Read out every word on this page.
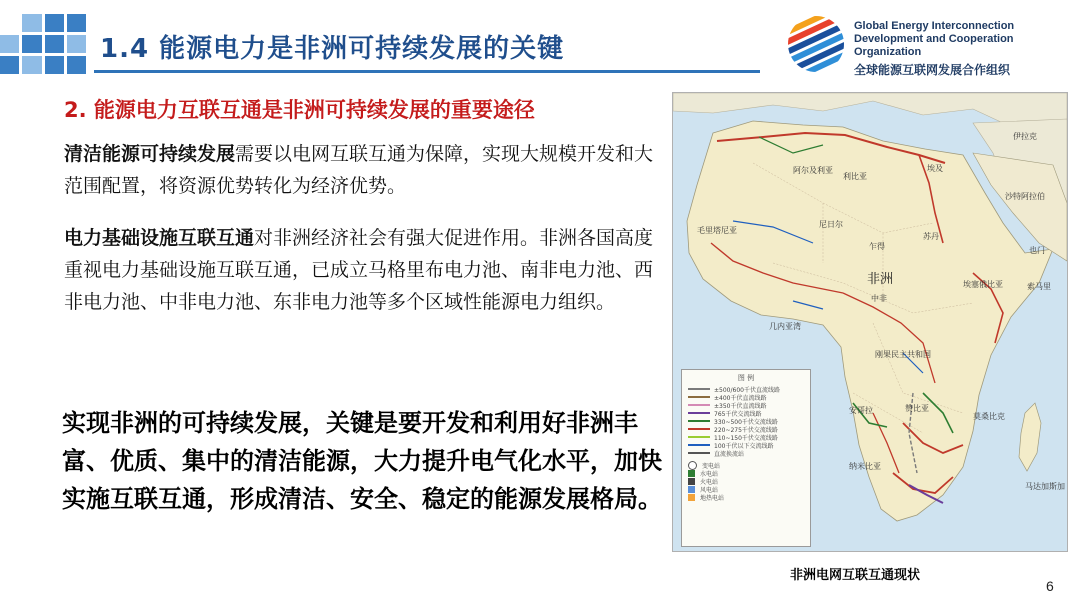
1.4 能源电力是非洲可持续发展的关键
Global Energy Interconnection
Development and Cooperation Organization
全球能源互联网发展合作组织
2. 能源电力互联互通是非洲可持续发展的重要途径
清洁能源可持续发展需要以电网互联互通为保障，实现大规模开发和大范围配置，将资源优势转化为经济优势。
电力基础设施互联互通对非洲经济社会有强大促进作用。非洲各国高度重视电力基础设施互联互通，已成立马格里布电力池、南非电力池、西非电力池、中非电力池、东非电力池等多个区域性能源电力组织。
实现非洲的可持续发展，关键是要开发和利用好非洲丰富、优质、集中的清洁能源，大力提升电气化水平，加快实施互联互通，形成清洁、安全、稳定的能源发展格局。
阿尔及利亚
利比亚
埃及
伊拉克
沙特阿拉伯
毛里塔尼亚
尼日尔
乍得
苏丹
非洲
中非
几内亚湾
埃塞俄比亚	索马里
刚果民主共和国
安哥拉	赞比亚
莫桑比克
纳米比亚
马达加斯加
也门
图 例
±500/600千伏直流线路
±400千伏直流线路
±350千伏直流线路
765千伏交流线路
330~500千伏交流线路
220~275千伏交流线路
110~150千伏交流线路
100千伏以下交流线路
直流换流站
变电站
水电站
火电站
风电站
地热电站
非洲电网互联互通现状
6
